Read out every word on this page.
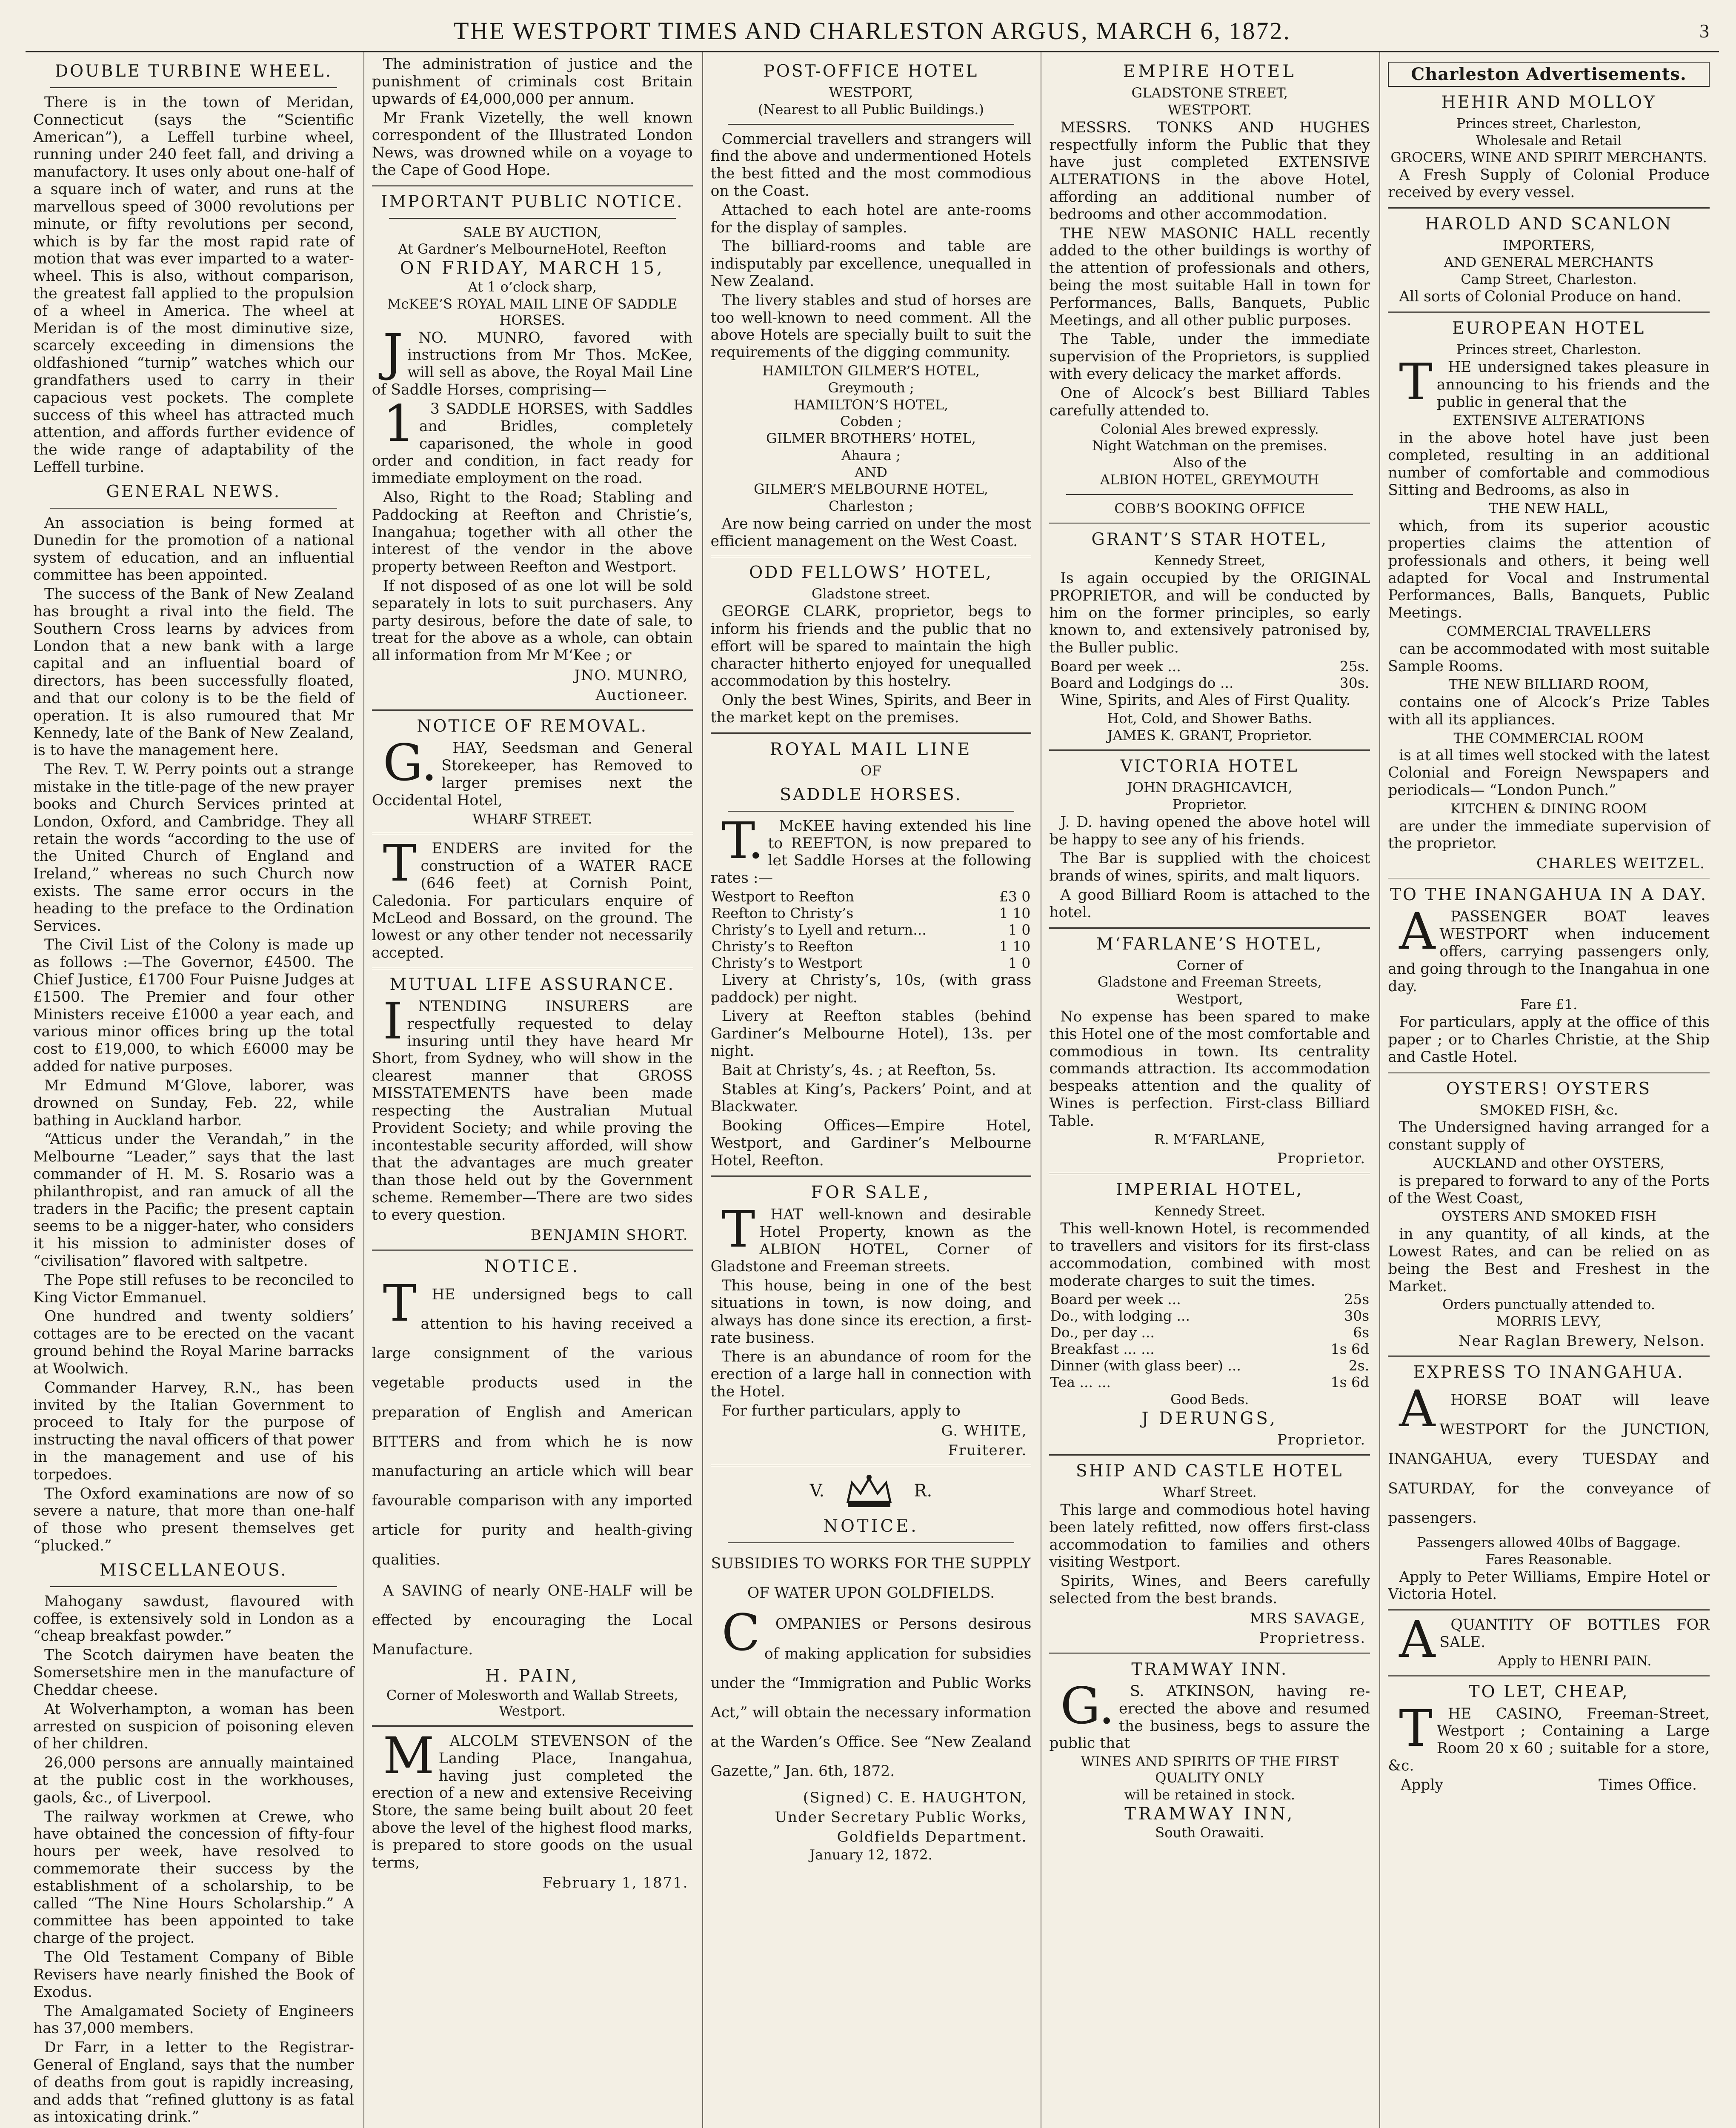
THE WESTPORT TIMES AND CHARLESTON ARGUS, MARCH 6, 1872.	3
DOUBLE TURBINE WHEEL.

There is in the town of Meridan, Connecticut (says the “Scientific American”), a Leffell turbine wheel, running under 240 feet fall, and driving a manufactory. It uses only about one-half of a square inch of water, and runs at the marvellous speed of 3000 revolutions per minute, or fifty revolutions per second, which is by far the most rapid rate of motion that was ever imparted to a water-wheel. This is also, without comparison, the greatest fall applied to the propulsion of a wheel in America. The wheel at Meridan is of the most diminutive size, scarcely exceeding in dimensions the oldfashioned “turnip” watches which our grandfathers used to carry in their capacious vest pockets. The complete success of this wheel has attracted much attention, and affords further evidence of the wide range of adaptability of the Leffell turbine.

GENERAL NEWS.

An association is being formed at Dunedin for the promotion of a national system of education, and an influential committee has been appointed.

The success of the Bank of New Zealand has brought a rival into the field. The Southern Cross learns by advices from London that a new bank with a large capital and an influential board of directors, has been successfully floated, and that our colony is to be the field of operation. It is also rumoured that Mr Kennedy, late of the Bank of New Zealand, is to have the management here.

The Rev. T. W. Perry points out a strange mistake in the title-page of the new prayer books and Church Services printed at London, Oxford, and Cambridge. They all retain the words “according to the use of the United Church of England and Ireland,” whereas no such Church now exists. The same error occurs in the heading to the preface to the Ordination Services.

The Civil List of the Colony is made up as follows :—The Governor, £4500. The Chief Justice, £1700 Four Puisne Judges at £1500. The Premier and four other Ministers receive £1000 a year each, and various minor offices bring up the total cost to £19,000, to which £6000 may be added for native purposes.

Mr Edmund M‘Glove, laborer, was drowned on Sunday, Feb. 22, while bathing in Auckland harbor.

“Atticus under the Verandah,” in the Melbourne “Leader,” says that the last commander of H. M. S. Rosario was a philanthropist, and ran amuck of all the traders in the Pacific; the present captain seems to be a nigger-hater, who considers it his mission to administer doses of “civilisation” flavored with saltpetre.

The Pope still refuses to be reconciled to King Victor Emmanuel.

One hundred and twenty soldiers’ cottages are to be erected on the vacant ground behind the Royal Marine barracks at Woolwich.

Commander Harvey, R.N., has been invited by the Italian Government to proceed to Italy for the purpose of instructing the naval officers of that power in the management and use of his torpedoes.

The Oxford examinations are now of so severe a nature, that more than one-half of those who present themselves get “plucked.”

MISCELLANEOUS.

Mahogany sawdust, flavoured with coffee, is extensively sold in London as a “cheap breakfast powder.”

The Scotch dairymen have beaten the Somersetshire men in the manufacture of Cheddar cheese.

At Wolverhampton, a woman has been arrested on suspicion of poisoning eleven of her children.

26,000 persons are annually maintained at the public cost in the workhouses, gaols, &c., of Liverpool.

The railway workmen at Crewe, who have obtained the concession of fifty-four hours per week, have resolved to commemorate their success by the establishment of a scholarship, to be called “The Nine Hours Scholarship.” A committee has been appointed to take charge of the project.

The Old Testament Company of Bible Revisers have nearly finished the Book of Exodus.

The Amalgamated Society of Engineers has 37,000 members.

Dr Farr, in a letter to the Registrar-General of England, says that the number of deaths from gout is rapidly increasing, and adds that “refined gluttony is as fatal as intoxicating drink.”

The administration of justice and the punishment of criminals cost Britain upwards of £4,000,000 per annum.

Mr Frank Vizetelly, the well known correspondent of the Illustrated London News, was drowned while on a voyage to the Cape of Good Hope.

IMPORTANT PUBLIC NOTICE.
SALE BY AUCTION,
At Gardner’s MelbourneHotel, Reefton
ON FRIDAY, MARCH 15,
At 1 o’clock sharp,
McKEE’S ROYAL MAIL LINE OF SADDLE HORSES.

JNO. MUNRO, favored with instructions from Mr Thos. McKee, will sell as above, the Royal Mail Line of Saddle Horses, comprising—

13 SADDLE HORSES, with Saddles and Bridles, completely caparisoned, the whole in good order and condition, in fact ready for immediate employment on the road.

Also, Right to the Road; Stabling and Paddocking at Reefton and Christie’s, Inangahua; together with all other the interest of the vendor in the above property between Reefton and Westport.

If not disposed of as one lot will be sold separately in lots to suit purchasers. Any party desirous, before the date of sale, to treat for the above as a whole, can obtain all information from Mr M‘Kee ; or

JNO. MUNRO,
Auctioneer.
NOTICE OF REMOVAL.

G.HAY, Seedsman and General Storekeeper, has Removed to larger premises next the Occidental Hotel,

WHARF STREET.

TENDERS are invited for the construction of a WATER RACE (646 feet) at Cornish Point, Caledonia. For particulars enquire of McLeod and Bossard, on the ground. The lowest or any other tender not necessarily accepted.

MUTUAL LIFE ASSURANCE.

INTENDING INSURERS are respectfully requested to delay insuring until they have heard Mr Short, from Sydney, who will show in the clearest manner that GROSS MISSTATEMENTS have been made respecting the Australian Mutual Provident Society; and while proving the incontestable security afforded, will show that the advantages are much greater than those held out by the Government scheme. Remember—There are two sides to every question.

BENJAMIN SHORT.
NOTICE.

THE undersigned begs to call attention to his having received a large consignment of the various vegetable products used in the preparation of English and American BITTERS and from which he is now manufacturing an article which will bear favourable comparison with any imported article for purity and health-giving qualities.

A SAVING of nearly ONE-HALF will be effected by encouraging the Local Manufacture.

H. PAIN,
Corner of Molesworth and Wallab Streets, Westport.

MALCOLM STEVENSON of the Landing Place, Inangahua, having just completed the erection of a new and extensive Receiving Store, the same being built about 20 feet above the level of the highest flood marks, is prepared to store goods on the usual terms,

February 1, 1871.
POST-OFFICE HOTEL
WESTPORT,
(Nearest to all Public Buildings.)

Commercial travellers and strangers will find the above and undermentioned Hotels the best fitted and the most commodious on the Coast.

Attached to each hotel are ante-rooms for the display of samples.

The billiard-rooms and table are indisputably par excellence, unequalled in New Zealand.

The livery stables and stud of horses are too well-known to need comment. All the above Hotels are specially built to suit the requirements of the digging community.

HAMILTON GILMER’S HOTEL,
Greymouth ;
HAMILTON’S HOTEL,
Cobden ;
GILMER BROTHERS’ HOTEL,
Ahaura ;
AND
GILMER’S MELBOURNE HOTEL,
Charleston ;

Are now being carried on under the most efficient management on the West Coast.

ODD FELLOWS’ HOTEL,
Gladstone street.

GEORGE CLARK, proprietor, begs to inform his friends and the public that no effort will be spared to maintain the high character hitherto enjoyed for unequalled accommodation by this hostelry.

Only the best Wines, Spirits, and Beer in the market kept on the premises.

ROYAL MAIL LINE
OF
SADDLE HORSES.

T.McKEE having extended his line to REEFTON, is now prepared to let Saddle Horses at the following rates :—

Westport to Reefton	£3 0
Reefton to Christy’s	1 10
Christy’s to Lyell and return...	1 0
Christy’s to Reefton	1 10
Christy’s to Westport	1 0

Livery at Christy’s, 10s, (with grass paddock) per night.

Livery at Reefton stables (behind Gardiner’s Melbourne Hotel), 13s. per night.

Bait at Christy’s, 4s. ; at Reefton, 5s.

Stables at King’s, Packers’ Point, and at Blackwater.

Booking Offices—Empire Hotel, Westport, and Gardiner’s Melbourne Hotel, Reefton.

FOR SALE,

THAT well-known and desirable Hotel Property, known as the ALBION HOTEL, Corner of Gladstone and Freeman streets.

This house, being in one of the best situations in town, is now doing, and always has done since its erection, a first-rate business.

There is an abundance of room for the erection of a large hall in connection with the Hotel.

For further particulars, apply to

G. WHITE,
Fruiterer.
V.	R.
NOTICE.

SUBSIDIES TO WORKS FOR THE SUPPLY OF WATER UPON GOLDFIELDS.

COMPANIES or Persons desirous of making application for subsidies under the “Immigration and Public Works Act,” will obtain the necessary information at the Warden’s Office. See “New Zealand Gazette,” Jan. 6th, 1872.

(Signed) C. E. HAUGHTON,
Under Secretary Public Works,
Goldfields Department.
January 12, 1872.
EMPIRE HOTEL
GLADSTONE STREET,
WESTPORT.

MESSRS. TONKS AND HUGHES respectfully inform the Public that they have just completed EXTENSIVE ALTERATIONS in the above Hotel, affording an additional number of bedrooms and other accommodation.

THE NEW MASONIC HALL recently added to the other buildings is worthy of the attention of professionals and others, being the most suitable Hall in town for Performances, Balls, Banquets, Public Meetings, and all other public purposes.

The Table, under the immediate supervision of the Proprietors, is supplied with every delicacy the market affords.

One of Alcock’s best Billiard Tables carefully attended to.

Colonial Ales brewed expressly.
Night Watchman on the premises.
Also of the
ALBION HOTEL, GREYMOUTH
COBB’S BOOKING OFFICE
GRANT’S STAR HOTEL,
Kennedy Street,

Is again occupied by the ORIGINAL PROPRIETOR, and will be conducted by him on the former principles, so early known to, and extensively patronised by, the Buller public.

Board per week ...	25s.
Board and Lodgings do ...	30s.

Wine, Spirits, and Ales of First Quality.

Hot, Cold, and Shower Baths.
JAMES K. GRANT, Proprietor.
VICTORIA HOTEL
JOHN DRAGHICAVICH,
Proprietor.

J. D. having opened the above hotel will be happy to see any of his friends.

The Bar is supplied with the choicest brands of wines, spirits, and malt liquors.

A good Billiard Room is attached to the hotel.

M‘FARLANE’S HOTEL,
Corner of
Gladstone and Freeman Streets,
Westport,

No expense has been spared to make this Hotel one of the most comfortable and commodious in town. Its centrality commands attraction. Its accommodation bespeaks attention and the quality of Wines is perfection. First-class Billiard Table.

R. M‘FARLANE,
Proprietor.
IMPERIAL HOTEL,
Kennedy Street.

This well-known Hotel, is recommended to travellers and visitors for its first-class accommodation, combined with most moderate charges to suit the times.

Board per week ...	25s
Do., with lodging ...	30s
Do., per day ...	6s
Breakfast ... ...	1s 6d
Dinner (with glass beer) ...	2s.
Tea ... ...	1s 6d
Good Beds.
J DERUNGS,
Proprietor.
SHIP AND CASTLE HOTEL
Wharf Street.

This large and commodious hotel having been lately refitted, now offers first-class accommodation to families and others visiting Westport.

Spirits, Wines, and Beers carefully selected from the best brands.

MRS SAVAGE,
Proprietress.
TRAMWAY INN.

G.S. ATKINSON, having re-erected the above and resumed the business, begs to assure the public that

WINES AND SPIRITS OF THE FIRST QUALITY ONLY
will be retained in stock.
TRAMWAY INN,
South Orawaiti.
Charleston Advertisements.
HEHIR AND MOLLOY
Princes street, Charleston,
Wholesale and Retail
GROCERS, WINE AND SPIRIT MERCHANTS.

A Fresh Supply of Colonial Produce received by every vessel.

HAROLD AND SCANLON
IMPORTERS,
AND GENERAL MERCHANTS
Camp Street, Charleston.

All sorts of Colonial Produce on hand.

EUROPEAN HOTEL
Princes street, Charleston.

THE undersigned takes pleasure in announcing to his friends and the public in general that the

EXTENSIVE ALTERATIONS

in the above hotel have just been completed, resulting in an additional number of comfortable and commodious Sitting and Bedrooms, as also in

THE NEW HALL,

which, from its superior acoustic properties claims the attention of professionals and others, it being well adapted for Vocal and Instrumental Performances, Balls, Banquets, Public Meetings.

COMMERCIAL TRAVELLERS

can be accommodated with most suitable Sample Rooms.

THE NEW BILLIARD ROOM,

contains one of Alcock’s Prize Tables with all its appliances.

THE COMMERCIAL ROOM

is at all times well stocked with the latest Colonial and Foreign Newspapers and periodicals— “London Punch.”

KITCHEN & DINING ROOM

are under the immediate supervision of the proprietor.

CHARLES WEITZEL.
TO THE INANGAHUA IN A DAY.

APASSENGER BOAT leaves WESTPORT when inducement offers, carrying passengers only, and going through to the Inangahua in one day.

Fare £1.

For particulars, apply at the office of this paper ; or to Charles Christie, at the Ship and Castle Hotel.

OYSTERS! OYSTERS
SMOKED FISH, &c.

The Undersigned having arranged for a constant supply of

AUCKLAND and other OYSTERS,

is prepared to forward to any of the Ports of the West Coast,

OYSTERS AND SMOKED FISH

in any quantity, of all kinds, at the Lowest Rates, and can be relied on as being the Best and Freshest in the Market.

Orders punctually attended to.
MORRIS LEVY,
Near Raglan Brewery, Nelson.
EXPRESS TO INANGAHUA.

AHORSE BOAT will leave WESTPORT for the JUNCTION, INANGAHUA, every TUESDAY and SATURDAY, for the conveyance of passengers.

Passengers allowed 40lbs of Baggage.
Fares Reasonable.

Apply to Peter Williams, Empire Hotel or Victoria Hotel.

AQUANTITY OF BOTTLES FOR SALE.

Apply to HENRI PAIN.
TO LET, CHEAP,

THE CASINO, Freeman-Street, Westport ; Containing a Large Room 20 x 60 ; suitable for a store, &c.

Apply	Times Office.
